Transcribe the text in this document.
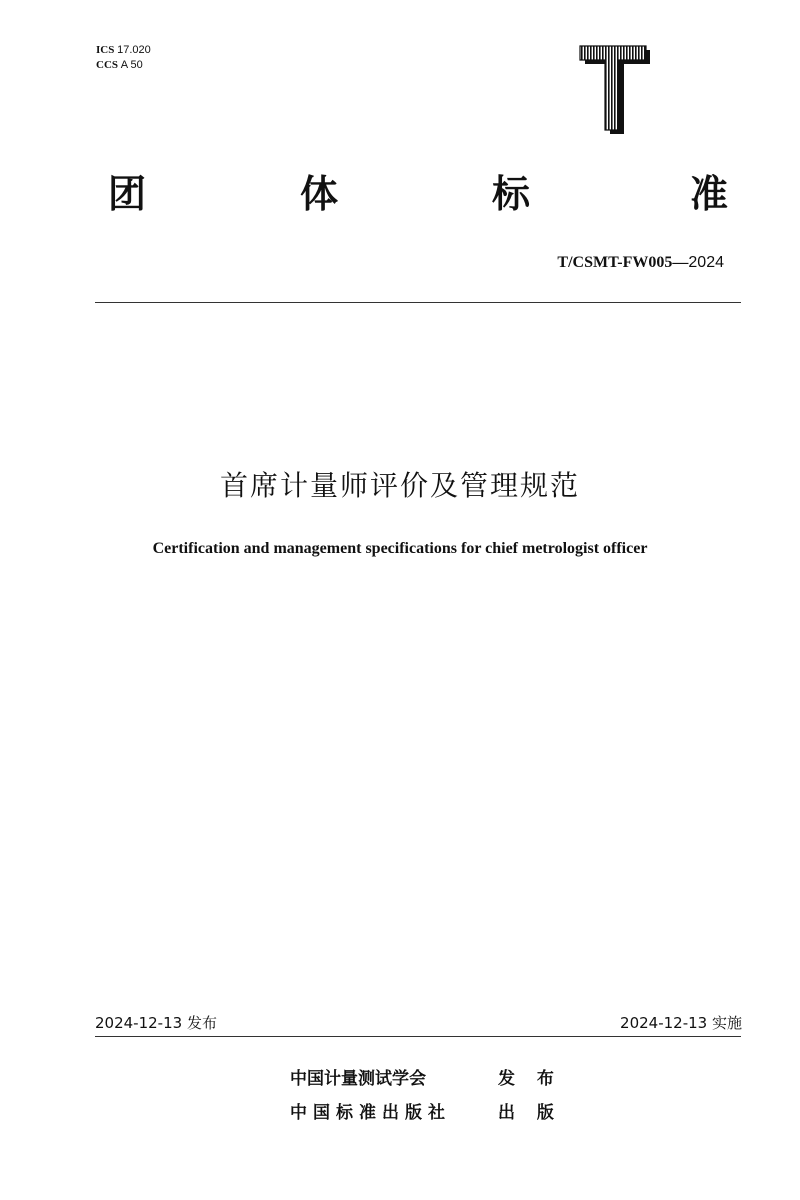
ICS 17.020
CCS A 50
团	体	标	准
T/CSMT-FW005—2024
首席计量师评价及管理规范
Certification and management specifications for chief metrologist officer
2024-12-13 发布	2024-12-13 实施
中国计量测试学会	发 布
中国标准出版社	出 版
